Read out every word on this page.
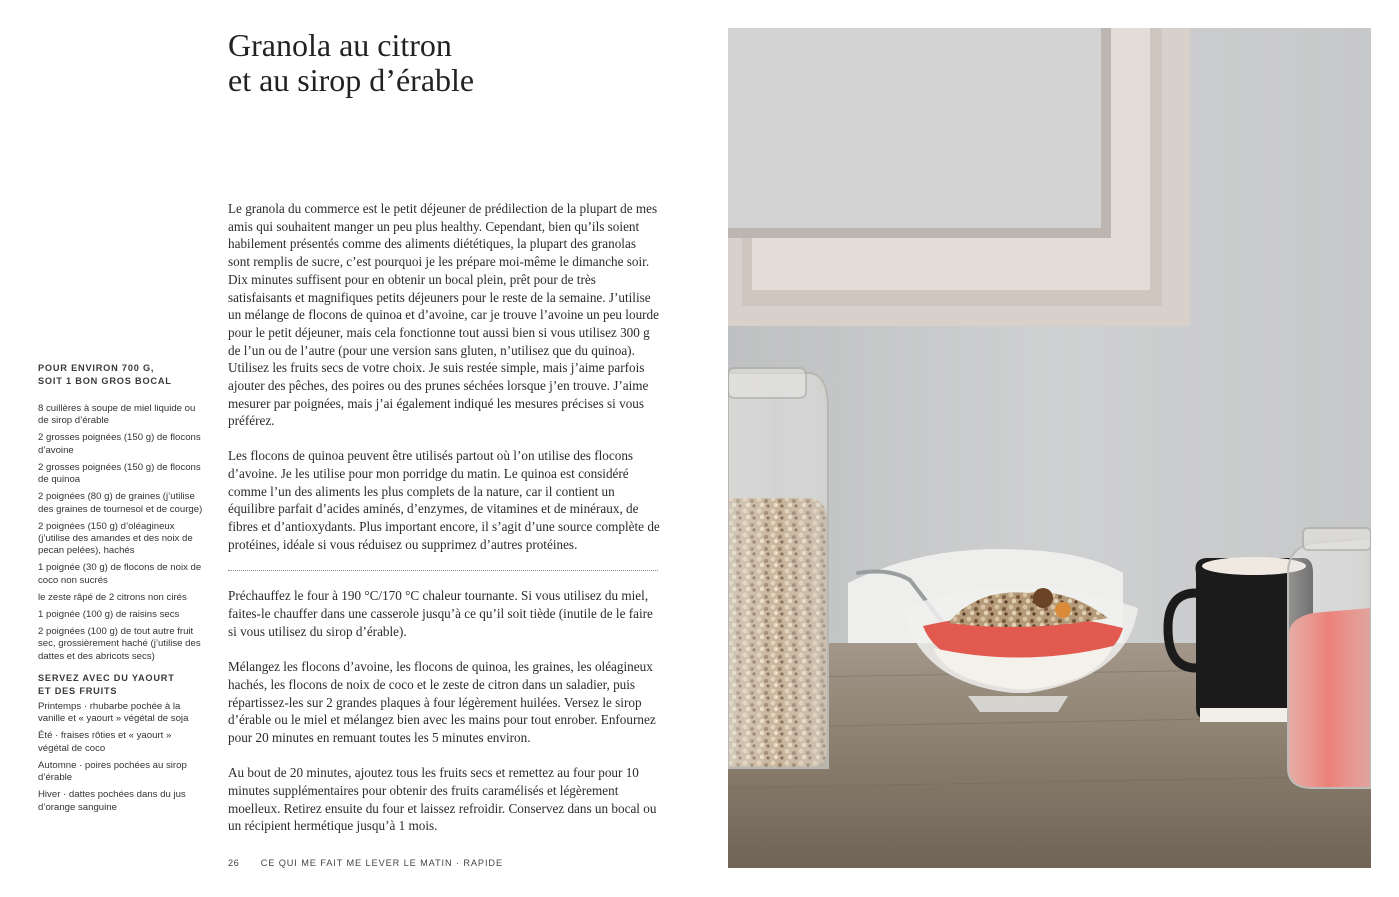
Granola au citron
et au sirop d’érable
POUR ENVIRON 700 G,
SOIT 1 BON GROS BOCAL
8 cuillères à soupe de miel liquide ou de sirop d’érable
2 grosses poignées (150 g) de flocons d’avoine
2 grosses poignées (150 g) de flocons de quinoa
2 poignées (80 g) de graines (j’utilise des graines de tournesol et de courge)
2 poignées (150 g) d’oléagineux (j’utilise des amandes et des noix de pecan pelées), hachés
1 poignée (30 g) de flocons de noix de coco non sucrés
le zeste râpé de 2 citrons non cirés
1 poignée (100 g) de raisins secs
2 poignées (100 g) de tout autre fruit sec, grossièrement haché (j’utilise des dattes et des abricots secs)
SERVEZ AVEC DU YAOURT
ET DES FRUITS
Printemps · rhubarbe pochée à la vanille et « yaourt » végétal de soja
Été · fraises rôties et « yaourt » végétal de coco
Automne · poires pochées au sirop d’érable
Hiver · dattes pochées dans du jus d’orange sanguine

Le granola du commerce est le petit déjeuner de prédilection de la plupart de mes amis qui souhaitent manger un peu plus healthy. Cependant, bien qu’ils soient habilement présentés comme des aliments diététiques, la plupart des granolas sont remplis de sucre, c’est pourquoi je les prépare moi-même le dimanche soir. Dix minutes suffisent pour en obtenir un bocal plein, prêt pour de très satisfaisants et magnifiques petits déjeuners pour le reste de la semaine. J’utilise un mélange de flocons de quinoa et d’avoine, car je trouve l’avoine un peu lourde pour le petit déjeuner, mais cela fonctionne tout aussi bien si vous utilisez 300 g de l’un ou de l’autre (pour une version sans gluten, n’utilisez que du quinoa). Utilisez les fruits secs de votre choix. Je suis restée simple, mais j’aime parfois ajouter des pêches, des poires ou des prunes séchées lorsque j’en trouve. J’aime mesurer par poignées, mais j’ai également indiqué les mesures précises si vous préférez.

Les flocons de quinoa peuvent être utilisés partout où l’on utilise des flocons d’avoine. Je les utilise pour mon porridge du matin. Le quinoa est considéré comme l’un des aliments les plus complets de la nature, car il contient un équilibre parfait d’acides aminés, d’enzymes, de vitamines et de minéraux, de fibres et d’antioxydants. Plus important encore, il s’agit d’une source complète de protéines, idéale si vous réduisez ou supprimez d’autres protéines.

Préchauffez le four à 190 °C/170 °C chaleur tournante. Si vous utilisez du miel, faites-le chauffer dans une casserole jusqu’à ce qu’il soit tiède (inutile de le faire si vous utilisez du sirop d’érable).

Mélangez les flocons d’avoine, les flocons de quinoa, les graines, les oléagineux hachés, les flocons de noix de coco et le zeste de citron dans un saladier, puis répartissez-les sur 2 grandes plaques à four légèrement huilées. Versez le sirop d’érable ou le miel et mélangez bien avec les mains pour tout enrober. Enfournez pour 20 minutes en remuant toutes les 5 minutes environ.

Au bout de 20 minutes, ajoutez tous les fruits secs et remettez au four pour 10 minutes supplémentaires pour obtenir des fruits caramélisés et légèrement moelleux. Retirez ensuite du four et laissez refroidir. Conservez dans un bocal ou un récipient hermétique jusqu’à 1 mois.

26 CE QUI ME FAIT ME LEVER LE MATIN · RAPIDE
